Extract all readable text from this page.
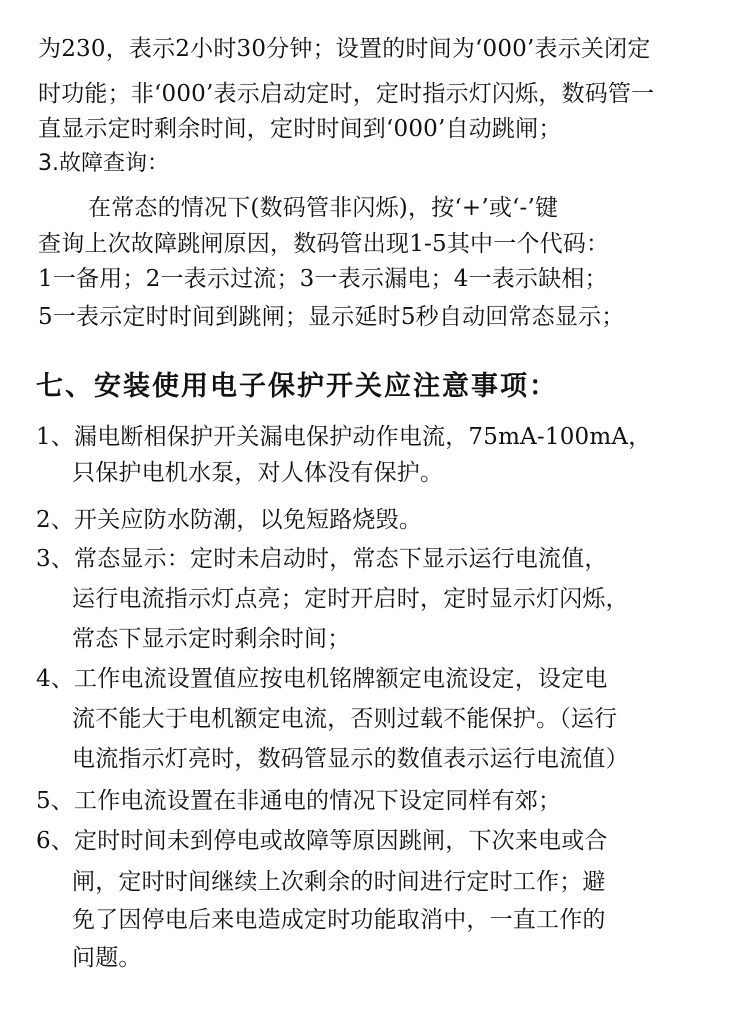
为230，表示2小时30分钟；设置的时间为‘000’表示关闭定
时功能；非‘000’表示启动定时，定时指示灯闪烁，数码管一
直显示定时剩余时间，定时时间到‘000’自动跳闸；
3.故障查询：
在常态的情况下(数码管非闪烁)，按‘+’或‘-’键
查询上次故障跳闸原因，数码管出现1-5其中一个代码：
1一备用；2一表示过流；3一表示漏电；4一表示缺相；
5一表示定时时间到跳闸；显示延时5秒自动回常态显示；
七、安装使用电子保护开关应注意事项：
1、漏电断相保护开关漏电保护动作电流，75mA-100mA，
只保护电机水泵，对人体没有保护。
2、开关应防水防潮，以免短路烧毁。
3、常态显示：定时未启动时，常态下显示运行电流值，
运行电流指示灯点亮；定时开启时，定时显示灯闪烁，
常态下显示定时剩余时间；
4、工作电流设置值应按电机铭牌额定电流设定，设定电
流不能大于电机额定电流，否则过载不能保护。（运行
电流指示灯亮时，数码管显示的数值表示运行电流值）
5、工作电流设置在非通电的情况下设定同样有郊；
6、定时时间未到停电或故障等原因跳闸，下次来电或合
闸，定时时间继续上次剩余的时间进行定时工作；避
免了因停电后来电造成定时功能取消中，一直工作的
问题。
